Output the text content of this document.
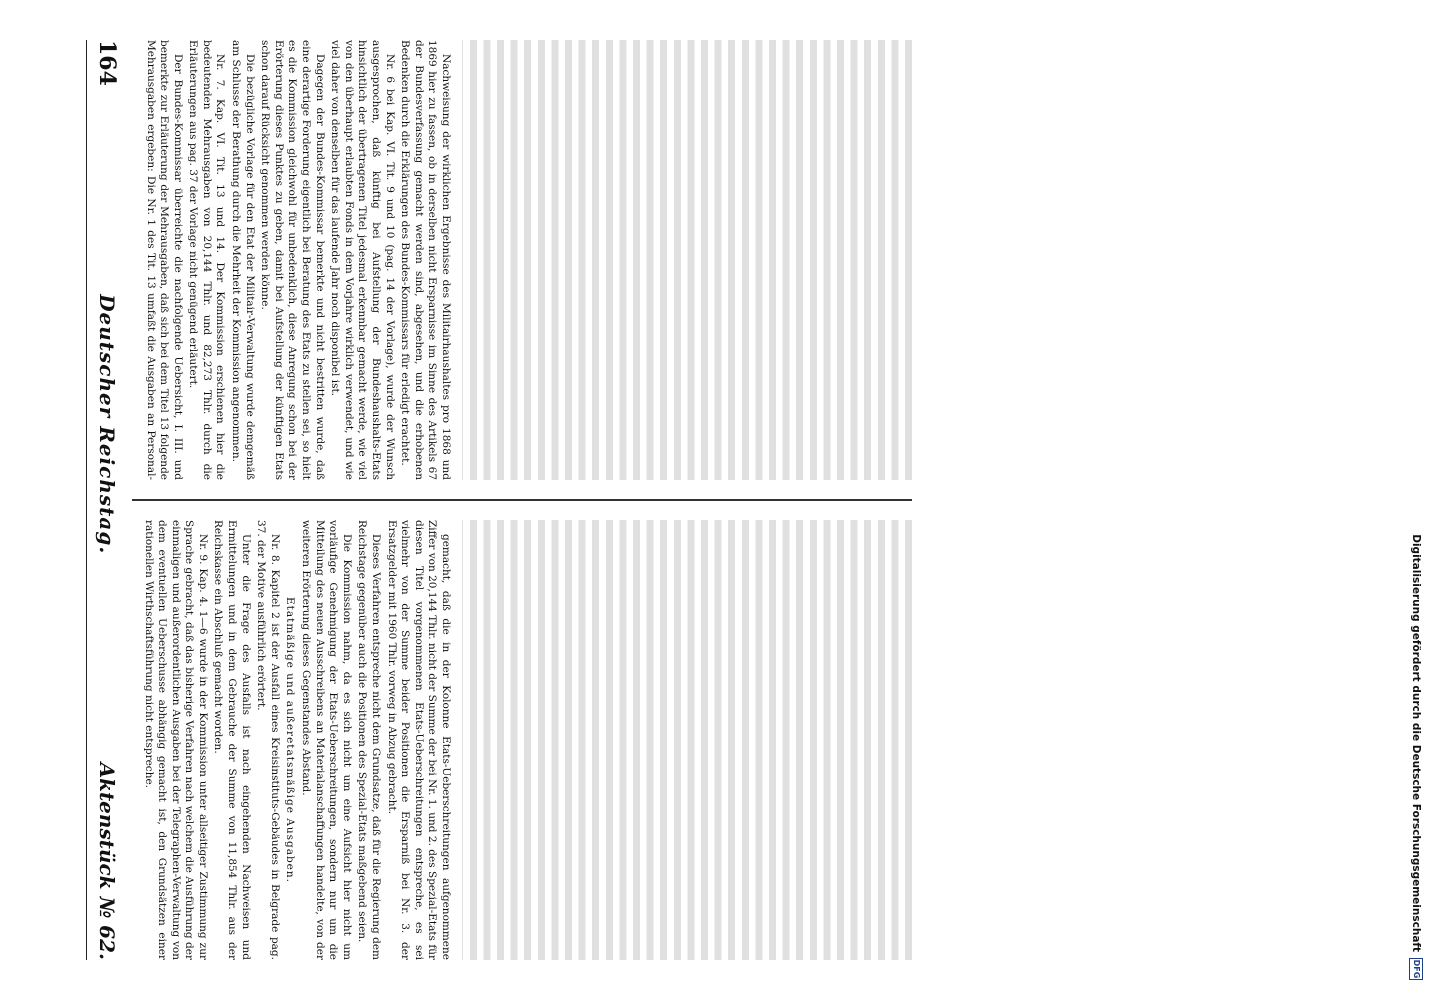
164
Deutscher Reichstag.
Aktenstück № 62.

Nachweisung der wirklichen Ergebnisse des Militairhaushaltes pro 1868 und 1869 hier zu fassen, ob in derselben nicht Ersparnisse im Sinne des Artikels 67 der Bundesverfassung gemacht werden sind, abgesehen, und die erhobenen Bedenken durch die Erklärungen des Bundes-Kommissars für erledigt erachtet.

Nr. 6 bei Kap. VI. Tit. 9 und 10 (pag. 14 der Vorlage), wurde der Wunsch ausgesprochen, daß künftig bei Aufstellung der Bundeshaushalts-Etats hinsichtlich der übertragenen Titel jedesmal erkennbar gemacht werde, wie viel von den überhaupt erlaubten Fonds in dem Vorjahre wirklich verwendet, und wie viel daher von denselben für das laufende Jahr noch disponibel ist.

Dagegen der Bundes-Kommissar bemerkte und nicht bestritten wurde, daß eine derartige Forderung eigentlich bei Beratung des Etats zu stellen sei, so hielt es die Kommission gleichwohl für unbedenklich, diese Anregung schon bei der Erörterung dieses Punktes zu geben, damit bei Aufstellung der künftigen Etats schon darauf Rücksicht genommen werden könne.

Die bezügliche Vorlage für den Etat der Militair-Verwaltung wurde demgemäß am Schlusse der Berathung durch die Mehrheit der Kommission angenommen.

Nr. 7. Kap. VI. Tit. 13 und 14. Der Kommission erschienen hier die bedeutenden Mehrausgaben von 20,144 Thlr. und 82,273 Thlr. durch die Erläuterungen aus pag. 37 der Vorlage nicht genügend erläutert.

Der Bundes-Kommissar überreichte die nachfolgende Uebersicht, I. III. und bemerkte zur Erläuterung der Mehrausgaben, daß sich bei dem Titel 13 folgende Mehrausgaben ergeben: Die Nr. 1 des Tit. 13 umfaßt die Ausgaben an Personal-

gemacht, daß die in der Kolonne Etats-Ueberschreitungen aufgenommene Ziffer von 20,144 Thlr. nicht der Summe der bei Nr. 1. und 2. des Spezial-Etats für diesen Titel vorgenommenen Etats-Ueberschreitungen entspreche, es sei vielmehr von der Summe beider Positionen die Ersparniß bei Nr. 3. der Ersatzgelder mit 1960 Thlr. vorweg in Abzug gebracht.

Dieses Verfahren entspreche nicht dem Grundsatze, daß für die Regierung dem Reichstage gegenüber auch die Positionen des Spezial-Etats maßgebend seien.

Die Kommission nahm, da es sich nicht um eine Aufsicht hier nicht um vorläufige Genehmigung der Etats-Ueberschreitungen, sondern nur um die Mitteilung des neuen Ausschreibens an Materialanschaffungen handelte, von der weiteren Erörterung dieses Gegenstandes Abstand.

Etatmäßige und außeretatsmäßige Ausgaben.

Nr. 8. Kapitel 2 ist der Ausfall eines Kreisinstituts-Gebäudes in Belgrade pag. 37. der Motive ausführlich erörtert.

Unter die Frage des Ausfalls ist nach eingehenden Nachweisen und Ermittelungen und in dem Gebrauche der Summe von 11,854 Thlr. aus der Reichskasse ein Abschluß gemacht worden.

Nr. 9. Kap. 4. 1—6 wurde in der Kommission unter allseitiger Zustimmung zur Sprache gebracht, daß das bisherige Verfahren nach welchem die Ausführung der einmaligen und außerordentlichen Ausgaben bei der Telegraphen-Verwaltung von dem eventuellen Ueberschusse abhängig gemacht ist, den Grundsätzen einer rationellen Wirthschaftsführung nicht entspreche.	Digitalisierung gefördert durch die Deutsche Forschungsgemeinschaft
DFG
